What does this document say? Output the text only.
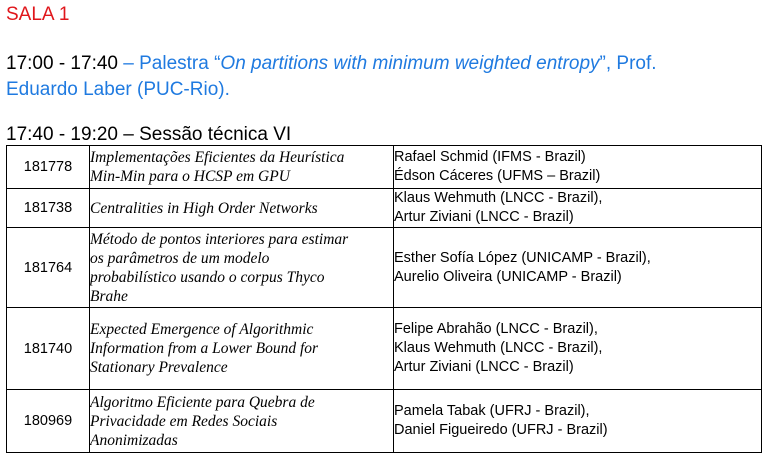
SALA 1

17:00 - 17:40 – Palestra “On partitions with minimum weighted entropy”, Prof.
Eduardo Laber (PUC-Rio).

17:40 - 19:20 – Sessão técnica VI

181778	Implementações Eficientes da Heurística
Min-Min para o HCSP em GPU	Rafael Schmid (IFMS - Brazil)
Édson Cáceres (UFMS – Brazil)

181738	Centralities in High Order Networks	Klaus Wehmuth (LNCC - Brazil),
Artur Ziviani (LNCC - Brazil)

181764	Método de pontos interiores para estimar
os parâmetros de um modelo
probabilístico usando o corpus Thyco
Brahe	Esther Sofía López (UNICAMP - Brazil),
Aurelio Oliveira (UNICAMP - Brazil)

181740	Expected Emergence of Algorithmic
Information from a Lower Bound for
Stationary Prevalence	Felipe Abrahão (LNCC - Brazil),
Klaus Wehmuth (LNCC - Brazil),
Artur Ziviani (LNCC - Brazil)

180969	Algoritmo Eficiente para Quebra de
Privacidade em Redes Sociais
Anonimizadas	Pamela Tabak (UFRJ - Brazil),
Daniel Figueiredo (UFRJ - Brazil)
